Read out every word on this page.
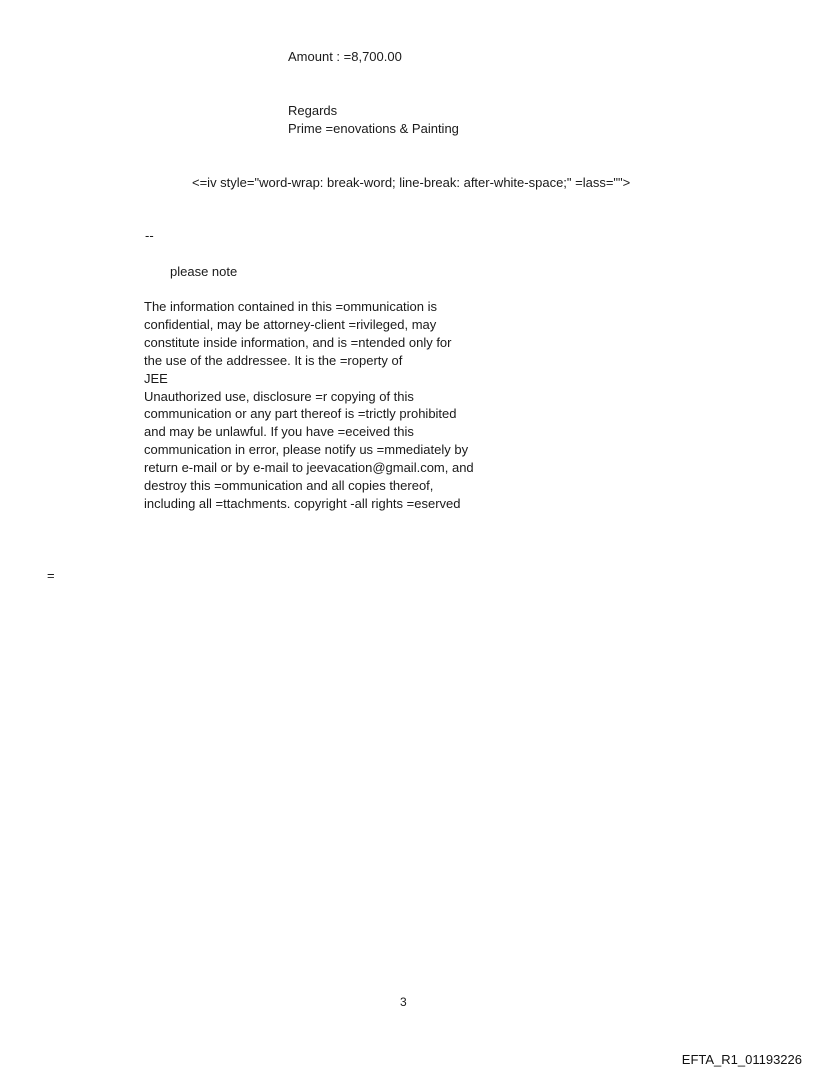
Amount : =8,700.00
Regards
Prime =enovations & Painting
<=iv style="word-wrap: break-word; line-break: after-white-space;" =lass="">
--
please note
The information contained in this =ommunication is
confidential, may be attorney-client =rivileged, may
constitute inside information, and is =ntended only for
the use of the addressee. It is the =roperty of
JEE
Unauthorized use, disclosure =r copying of this
communication or any part thereof is =trictly prohibited
and may be unlawful. If you have =eceived this
communication in error, please notify us =mmediately by
return e-mail or by e-mail to jeevacation@gmail.com, and
destroy this =ommunication and all copies thereof,
including all =ttachments. copyright -all rights =eserved
=
3
EFTA_R1_01193226
